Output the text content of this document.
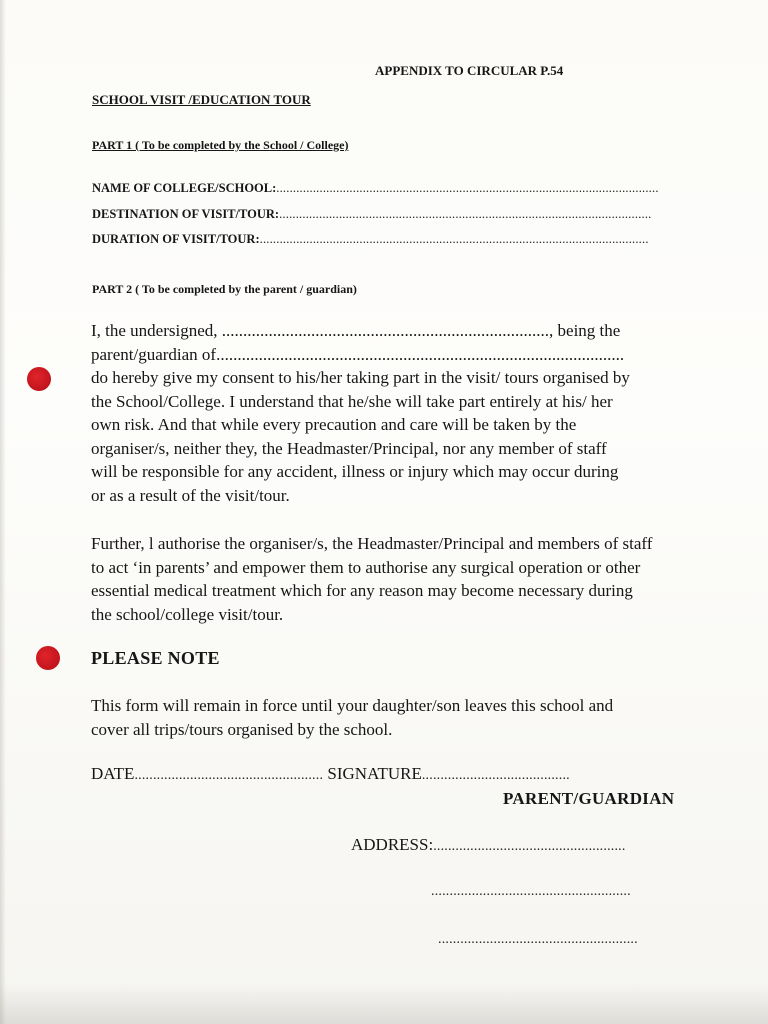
APPENDIX TO CIRCULAR P.54
SCHOOL VISIT /EDUCATION TOUR
PART 1 ( To be completed by the School / College)
NAME OF COLLEGE/SCHOOL:...................................................................................................................
DESTINATION OF VISIT/TOUR:................................................................................................................
DURATION OF VISIT/TOUR:.....................................................................................................................
PART 2 ( To be completed by the parent / guardian)
I, the undersigned, ............................................................................., being the
parent/guardian of................................................................................................
do hereby give my consent to his/her taking part in the visit/ tours organised by
the School/College. I understand that he/she will take part entirely at his/ her
own risk. And that while every precaution and care will be taken by the
organiser/s, neither they, the Headmaster/Principal, nor any member of staff
will be responsible for any accident, illness or injury which may occur during
or as a result of the visit/tour.
Further, l authorise the organiser/s, the Headmaster/Principal and members of staff
to act ‘in parents’ and empower them to authorise any surgical operation or other
essential medical treatment which for any reason may become necessary during
the school/college visit/tour.
PLEASE NOTE
This form will remain in force until your daughter/son leaves this school and
cover all trips/tours organised by the school.
DATE................................................... SIGNATURE........................................
PARENT/GUARDIAN
ADDRESS:....................................................
......................................................
......................................................
